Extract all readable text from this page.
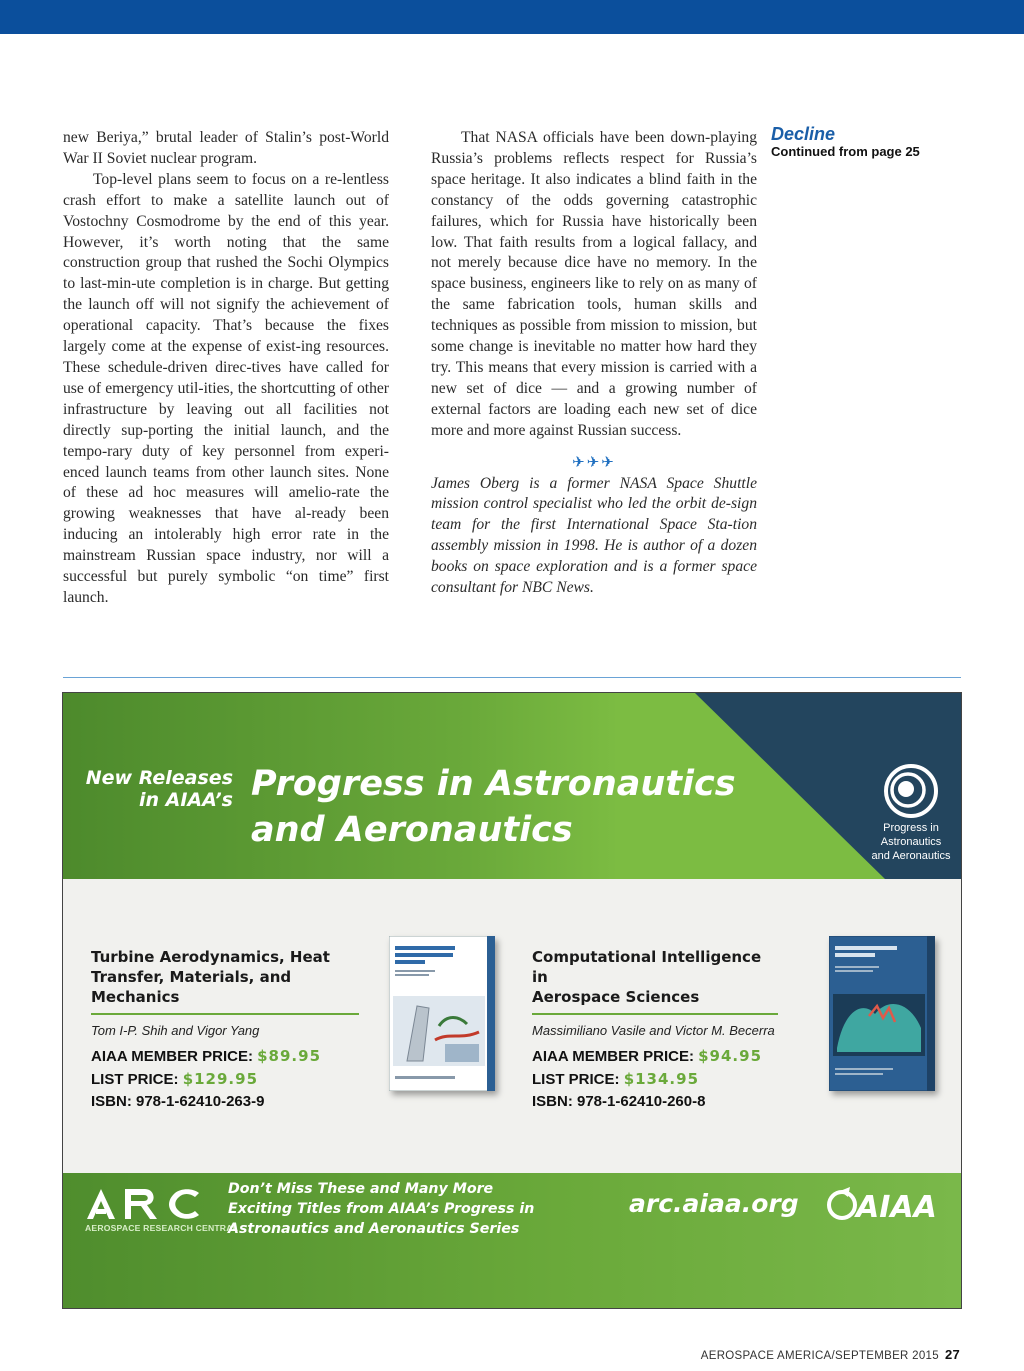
new Beriya,” brutal leader of Stalin’s post-World War II Soviet nuclear program.

Top-level plans seem to focus on a re-lentless crash effort to make a satellite launch out of Vostochny Cosmodrome by the end of this year. However, it’s worth noting that the same construction group that rushed the Sochi Olympics to last-min-ute completion is in charge. But getting the launch off will not signify the achievement of operational capacity. That’s because the fixes largely come at the expense of exist-ing resources. These schedule-driven direc-tives have called for use of emergency util-ities, the shortcutting of other infrastructure by leaving out all facilities not directly sup-porting the initial launch, and the tempo-rary duty of key personnel from experi-enced launch teams from other launch sites. None of these ad hoc measures will amelio-rate the growing weaknesses that have al-ready been inducing an intolerably high error rate in the mainstream Russian space industry, nor will a successful but purely symbolic “on time” first launch.

That NASA officials have been down-playing Russia’s problems reflects respect for Russia’s space heritage. It also indicates a blind faith in the constancy of the odds governing catastrophic failures, which for Russia have historically been low. That faith results from a logical fallacy, and not merely because dice have no memory. In the space business, engineers like to rely on as many of the same fabrication tools, human skills and techniques as possible from mission to mission, but some change is inevitable no matter how hard they try. This means that every mission is carried with a new set of dice — and a growing number of external factors are loading each new set of dice more and more against Russian success.

✈✈✈

James Oberg is a former NASA Space Shuttle mission control specialist who led the orbit de-sign team for the first International Space Sta-tion assembly mission in 1998. He is author of a dozen books on space exploration and is a former space consultant for NBC News.

Decline
Continued from page 25
New Releases
in AIAA’s Progress in Astronautics
and Aeronautics	Progress in
Astronautics
and Aeronautics
Turbine Aerodynamics, Heat
Transfer, Materials, and Mechanics
Tom I-P. Shih and Vigor Yang
AIAA MEMBER PRICE: $89.95
LIST PRICE: $129.95
ISBN: 978-1-62410-263-9
Computational Intelligence in
Aerospace Sciences
Massimiliano Vasile and Victor M. Becerra
AIAA MEMBER PRICE: $94.95
LIST PRICE: $134.95
ISBN: 978-1-62410-260-8
AEROSPACE RESEARCH CENTRAL
Don’t Miss These and Many More
Exciting Titles from AIAA’s Progress in
Astronautics and Aeronautics Series
arc.aiaa.org AIAA
AEROSPACE AMERICA/SEPTEMBER 2015 27
